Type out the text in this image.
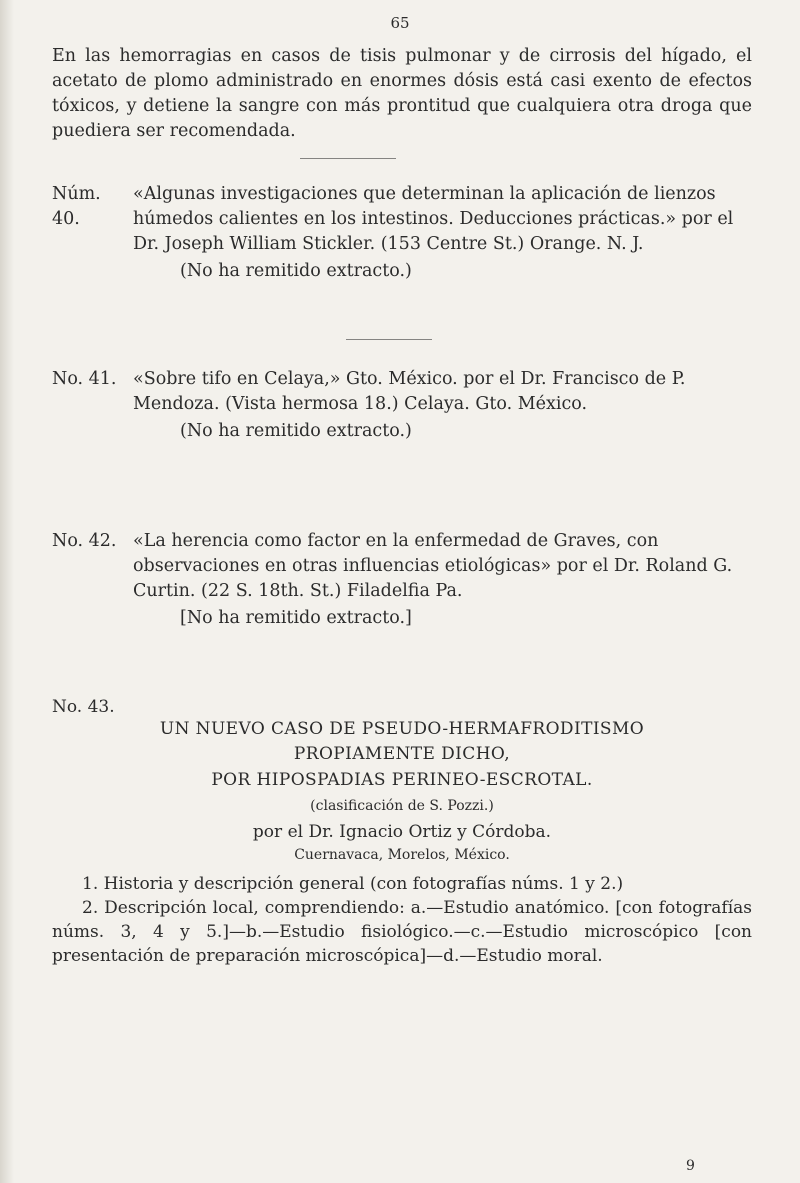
65

En las hemorragias en casos de tisis pulmonar y de cirrosis del hígado, el acetato de plomo administrado en enormes dósis está casi exento de efectos tóxicos, y detiene la sangre con más prontitud que cualquiera otra droga que puediera ser recomendada.

Núm. 40.
«Algunas investigaciones que determinan la aplicación de lienzos húmedos calientes en los intestinos. Deducciones prácticas.» por el Dr. Joseph William Stickler. (153 Centre St.) Orange. N. J.
(No ha remitido extracto.)
No. 41. «Sobre tifo en Celaya,» Gto. México. por el Dr. Francisco de P. Mendoza. (Vista hermosa 18.) Celaya. Gto. México.
(No ha remitido extracto.)
No. 42. «La herencia como factor en la enfermedad de Graves, con observaciones en otras influencias etiológicas» por el Dr. Roland G. Curtin. (22 S. 18th. St.) Filadelfia Pa.
[No ha remitido extracto.]
No. 43.
UN NUEVO CASO DE PSEUDO-HERMAFRODITISMO
PROPIAMENTE DICHO,
POR HIPOSPADIAS PERINEO-ESCROTAL.
(clasificación de S. Pozzi.)
por el Dr. Ignacio Ortiz y Córdoba.
Cuernavaca, Morelos, México.

1. Historia y descripción general (con fotografías núms. 1 y 2.)

2. Descripción local, comprendiendo: a.—Estudio anatómico. [con fotografías núms. 3, 4 y 5.]—b.—Estudio fisiológico.—c.—Estudio microscópico [con presentación de preparación microscópica]—d.—Estudio moral.

9
